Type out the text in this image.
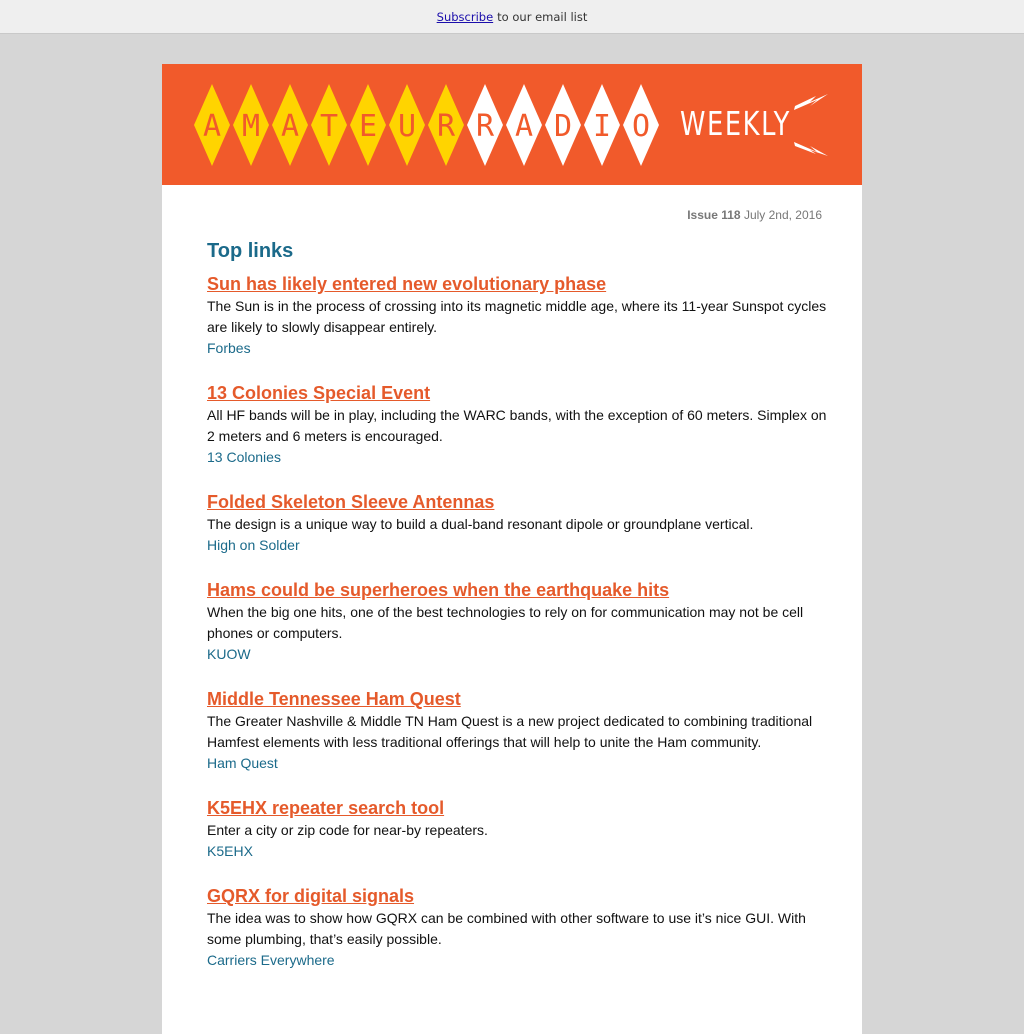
Subscribe to our email list
A M A T E U R R A D I O WEEKLY
Issue 118 July 2nd, 2016
Top links
Sun has likely entered new evolutionary phase

The Sun is in the process of crossing into its magnetic middle age, where its 11-year Sunspot cycles are likely to slowly disappear entirely.

Forbes
13 Colonies Special Event

All HF bands will be in play, including the WARC bands, with the exception of 60 meters. Simplex on 2 meters and 6 meters is encouraged.

13 Colonies
Folded Skeleton Sleeve Antennas

The design is a unique way to build a dual-band resonant dipole or groundplane vertical.

High on Solder
Hams could be superheroes when the earthquake hits

When the big one hits, one of the best technologies to rely on for communication may not be cell phones or computers.

KUOW
Middle Tennessee Ham Quest

The Greater Nashville & Middle TN Ham Quest is a new project dedicated to combining traditional Hamfest elements with less traditional offerings that will help to unite the Ham community.

Ham Quest
K5EHX repeater search tool

Enter a city or zip code for near-by repeaters.

K5EHX
GQRX for digital signals

The idea was to show how GQRX can be combined with other software to use it’s nice GUI. With some plumbing, that’s easily possible.

Carriers Everywhere
